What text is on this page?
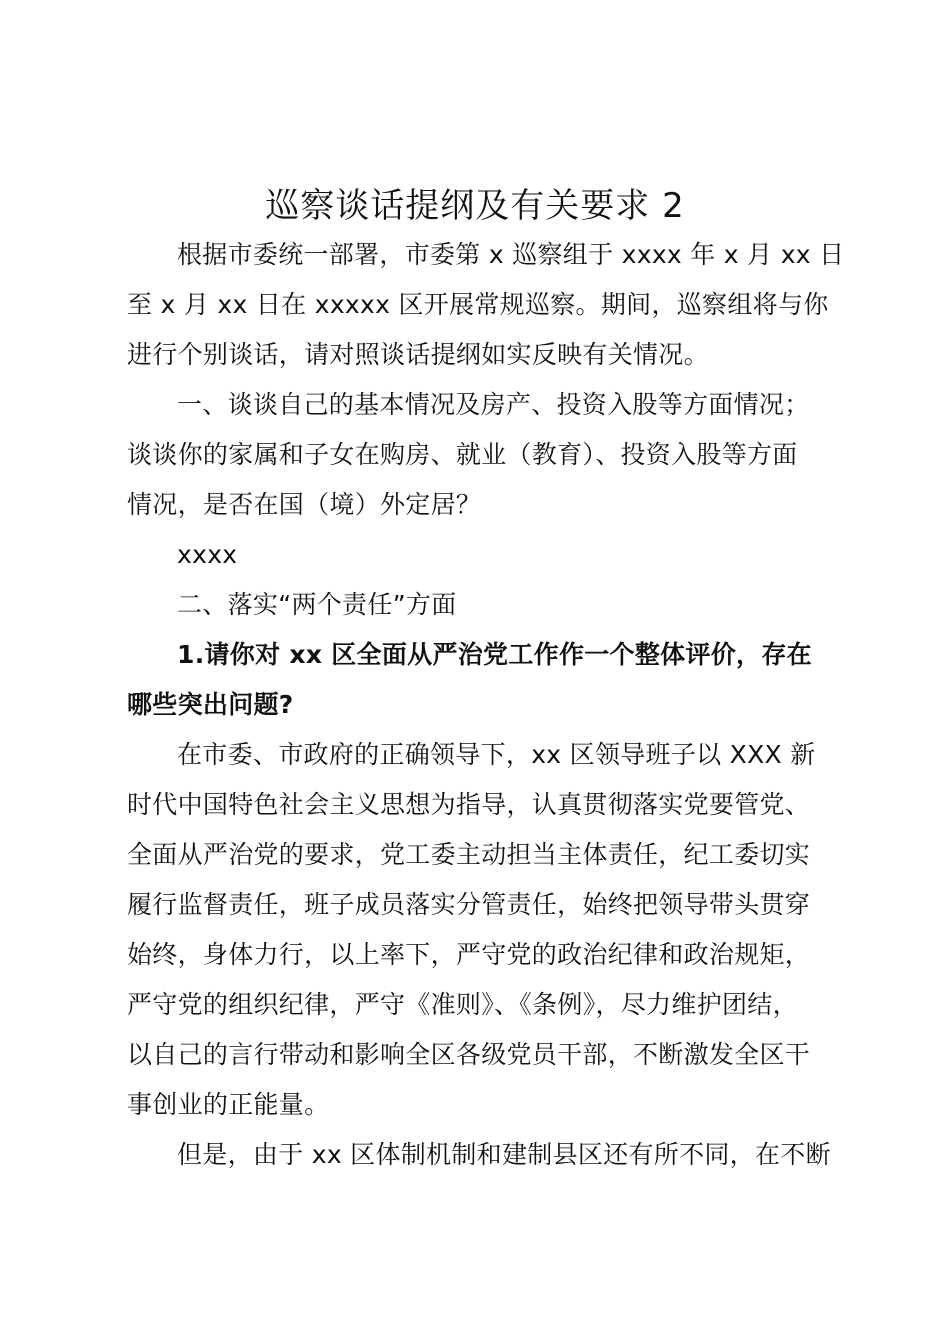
巡察谈话提纲及有关要求 2
根据市委统一部署，市委第 x 巡察组于 xxxx 年 x 月 xx 日
至 x 月 xx 日在 xxxxx 区开展常规巡察。期间，巡察组将与你
进行个别谈话，请对照谈话提纲如实反映有关情况。
一、谈谈自己的基本情况及房产、投资入股等方面情况；
谈谈你的家属和子女在购房、就业（教育）、投资入股等方面
情况，是否在国（境）外定居？
xxxx
二、落实“两个责任”方面
1.请你对 xx 区全面从严治党工作作一个整体评价，存在
哪些突出问题?
在市委、市政府的正确领导下，xx 区领导班子以 XXX 新
时代中国特色社会主义思想为指导，认真贯彻落实党要管党、
全面从严治党的要求，党工委主动担当主体责任，纪工委切实
履行监督责任，班子成员落实分管责任，始终把领导带头贯穿
始终，身体力行，以上率下，严守党的政治纪律和政治规矩，
严守党的组织纪律，严守《准则》、《条例》，尽力维护团结，
以自己的言行带动和影响全区各级党员干部，不断激发全区干
事创业的正能量。
但是，由于 xx 区体制机制和建制县区还有所不同，在不断
